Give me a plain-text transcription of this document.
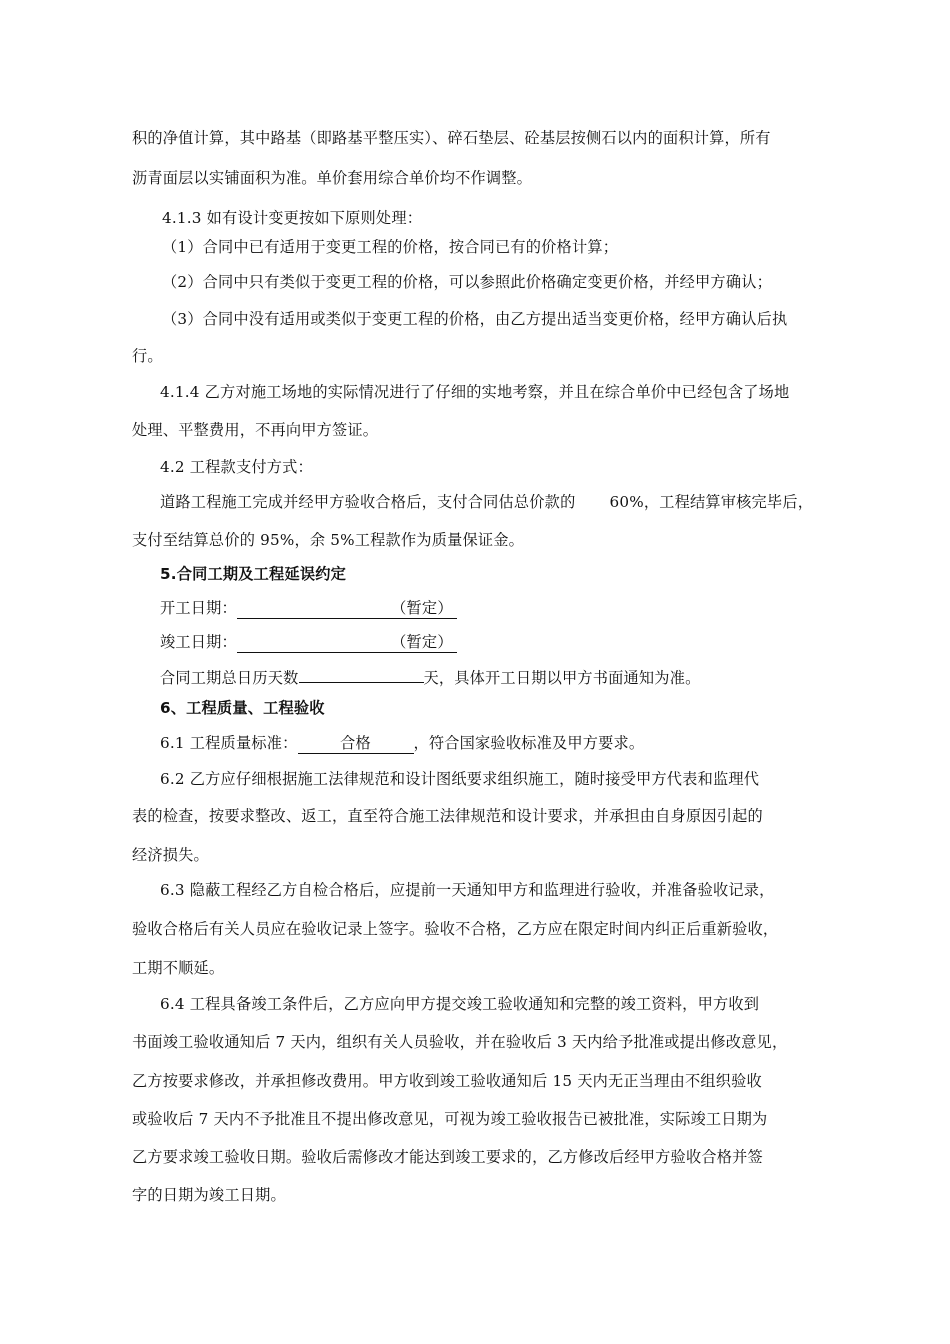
积的净值计算，其中路基（即路基平整压实）、碎石垫层、砼基层按侧石以内的面积计算，所有
沥青面层以实铺面积为准。单价套用综合单价均不作调整。
4.1.3 如有设计变更按如下原则处理：
（1）合同中已有适用于变更工程的价格，按合同已有的价格计算；
（2）合同中只有类似于变更工程的价格，可以参照此价格确定变更价格，并经甲方确认；
（3）合同中没有适用或类似于变更工程的价格，由乙方提出适当变更价格，经甲方确认后执
行。
4.1.4 乙方对施工场地的实际情况进行了仔细的实地考察，并且在综合单价中已经包含了场地
处理、平整费用，不再向甲方签证。
4.2 工程款支付方式：
道路工程施工完成并经甲方验收合格后，支付合同估总价款的 60%，工程结算审核完毕后，
支付至结算总价的 95%，余 5%工程款作为质量保证金。
5.合同工期及工程延误约定
开工日期：	（暂定）
竣工日期：	（暂定）
合同工期总日历天数	天，具体开工日期以甲方书面通知为准。
6、工程质量、工程验收
6.1 工程质量标准：	合格	，符合国家验收标准及甲方要求。
6.2 乙方应仔细根据施工法律规范和设计图纸要求组织施工，随时接受甲方代表和监理代
表的检查，按要求整改、返工，直至符合施工法律规范和设计要求，并承担由自身原因引起的
经济损失。
6.3 隐蔽工程经乙方自检合格后，应提前一天通知甲方和监理进行验收，并准备验收记录，
验收合格后有关人员应在验收记录上签字。验收不合格，乙方应在限定时间内纠正后重新验收，
工期不顺延。
6.4 工程具备竣工条件后，乙方应向甲方提交竣工验收通知和完整的竣工资料，甲方收到
书面竣工验收通知后 7 天内，组织有关人员验收，并在验收后 3 天内给予批准或提出修改意见，
乙方按要求修改，并承担修改费用。甲方收到竣工验收通知后 15 天内无正当理由不组织验收
或验收后 7 天内不予批准且不提出修改意见，可视为竣工验收报告已被批准，实际竣工日期为
乙方要求竣工验收日期。验收后需修改才能达到竣工要求的，乙方修改后经甲方验收合格并签
字的日期为竣工日期。
